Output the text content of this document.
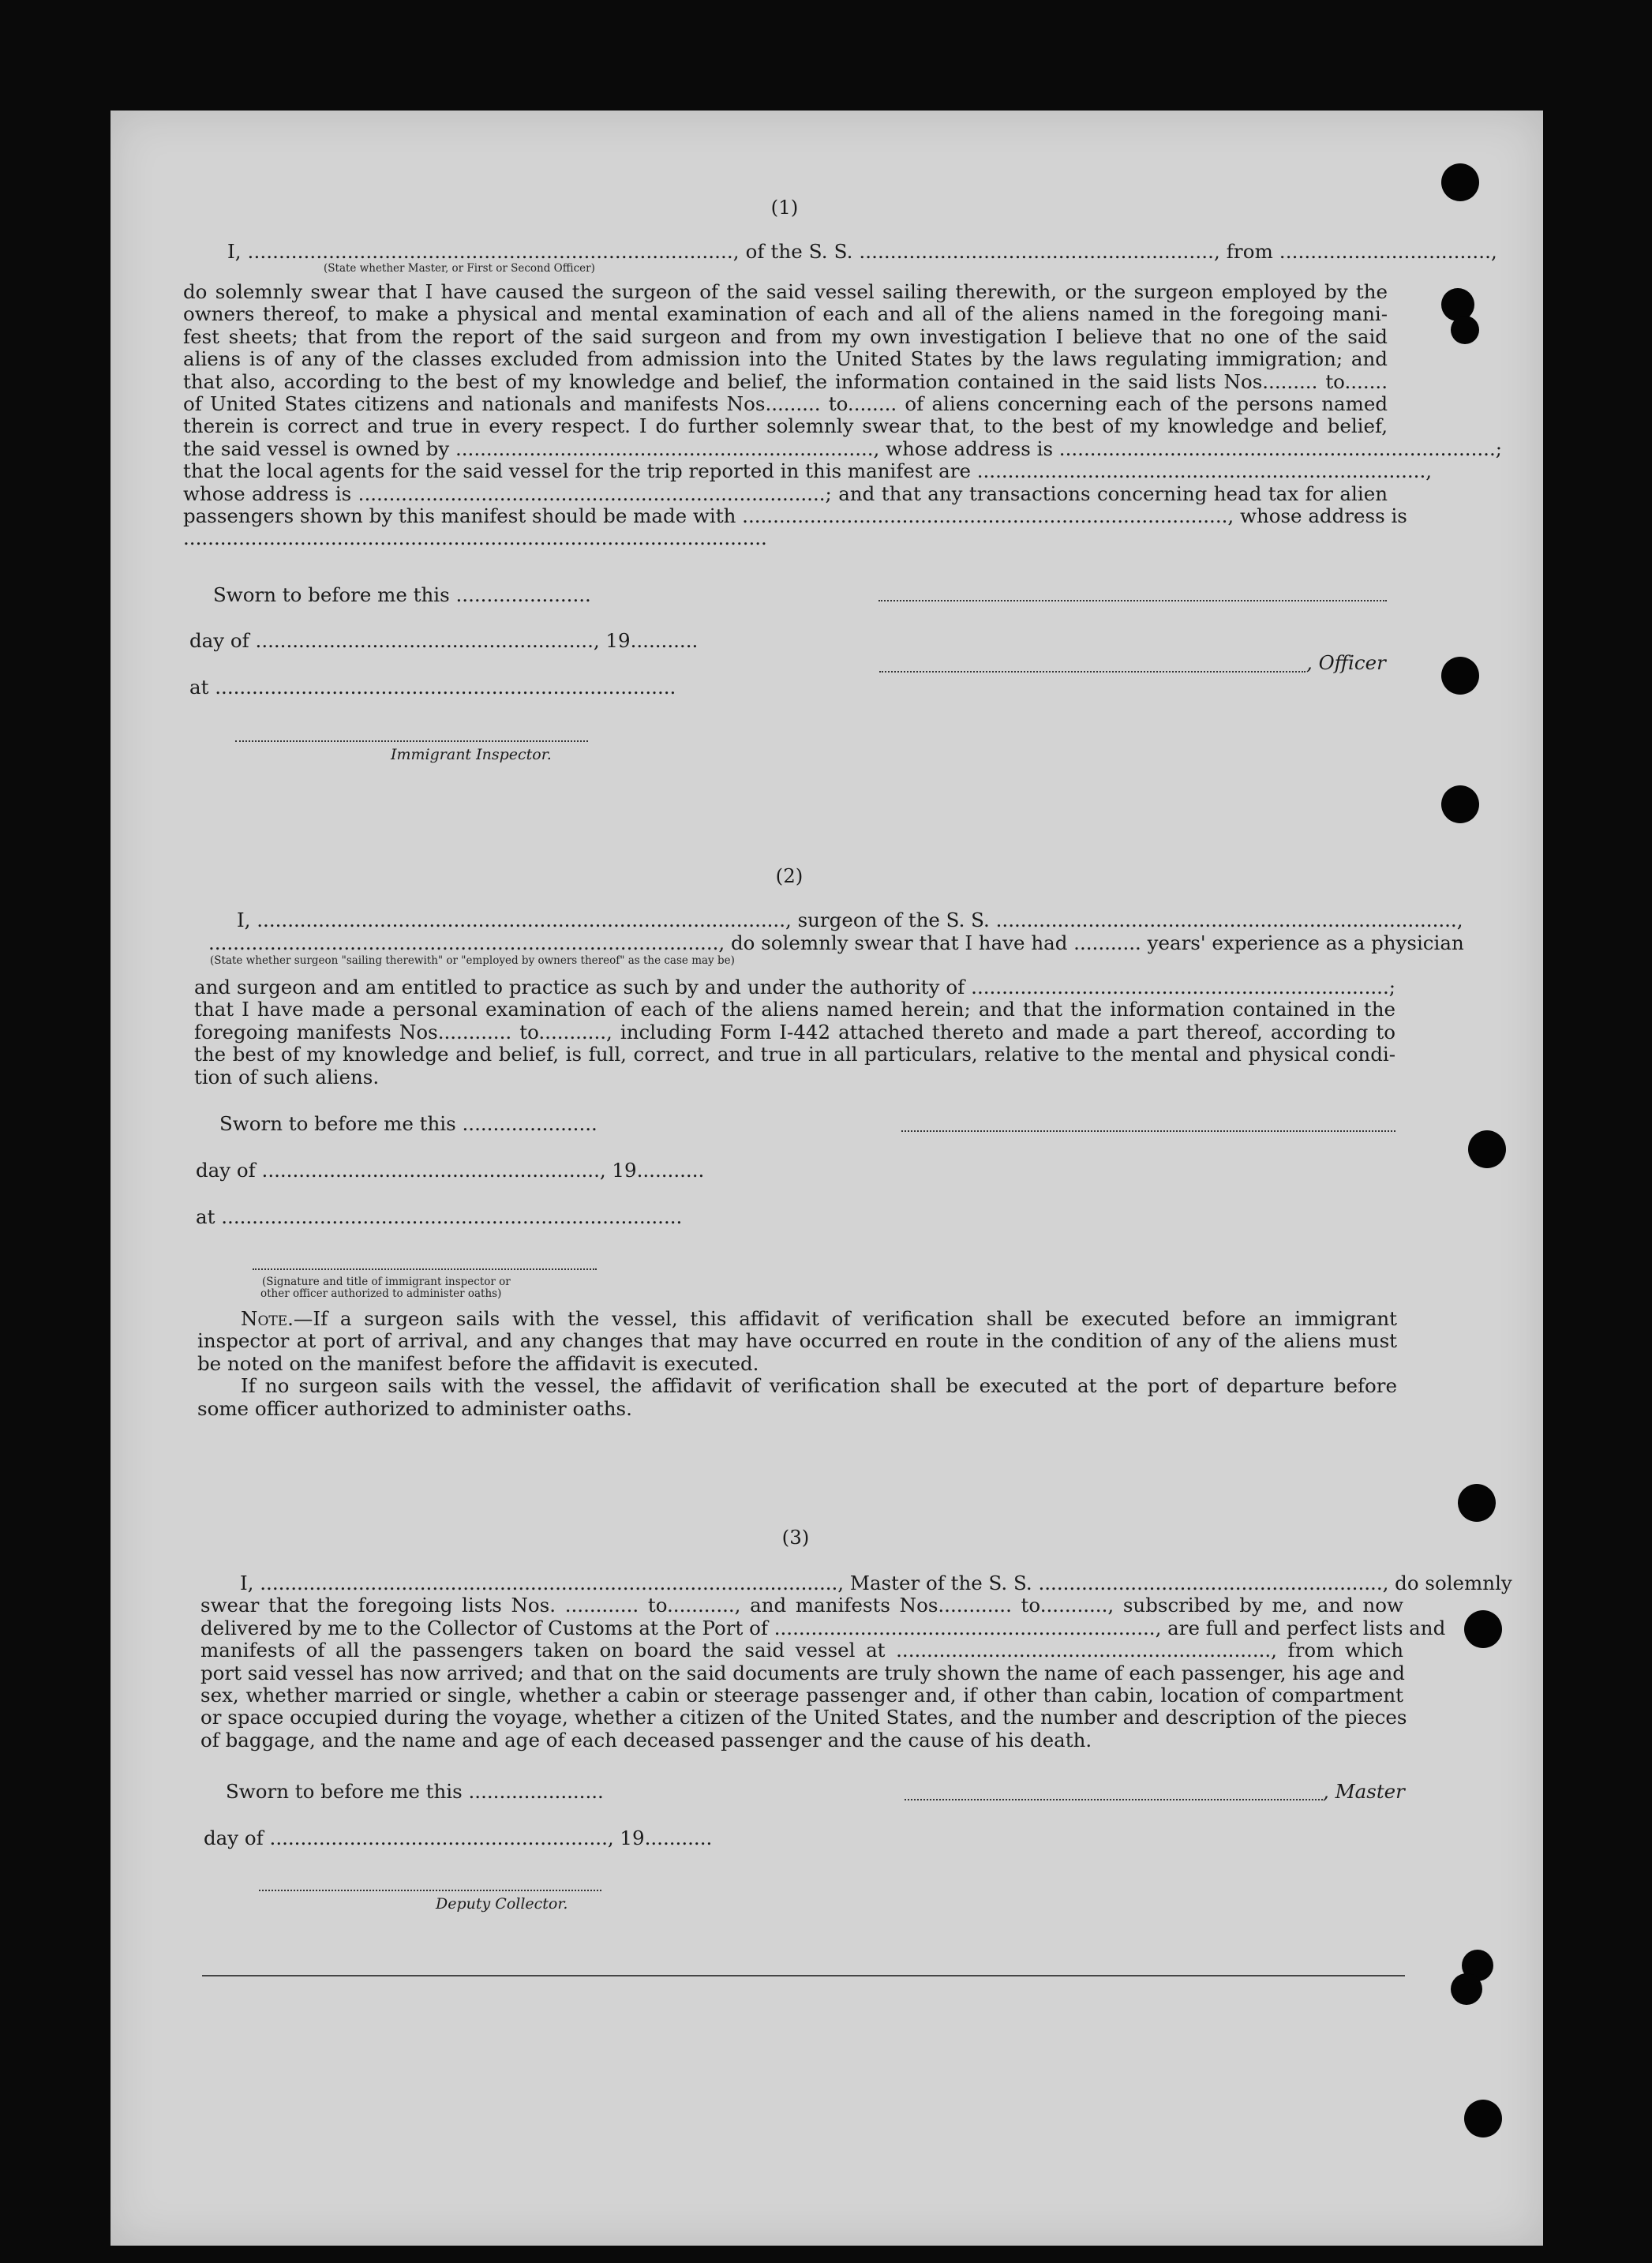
(1)
I, .............................................................................., of the S. S. ........................................................., from ..................................,
(State whether Master, or First or Second Officer)
do solemnly swear that I have caused the surgeon of the said vessel sailing therewith, or the surgeon employed by the
owners thereof, to make a physical and mental examination of each and all of the aliens named in the foregoing mani-
fest sheets; that from the report of the said surgeon and from my own investigation I believe that no one of the said
aliens is of any of the classes excluded from admission into the United States by the laws regulating immigration; and
that also, according to the best of my knowledge and belief, the information contained in the said lists Nos......... to.......
of United States citizens and nationals and manifests Nos......... to........ of aliens concerning each of the persons named
therein is correct and true in every respect. I do further solemnly swear that, to the best of my knowledge and belief,
the said vessel is owned by ...................................................................., whose address is .......................................................................;
that the local agents for the said vessel for the trip reported in this manifest are .........................................................................,
whose address is ............................................................................; and that any transactions concerning head tax for alien
passengers shown by this manifest should be made with ..............................................................................., whose address is
...............................................................................................
Sworn to before me this ......................
day of ......................................................., 19...........
, Officer
at ...........................................................................
Immigrant Inspector.
(2)
I, ......................................................................................, surgeon of the S. S. ...........................................................................,
..................................................................................., do solemnly swear that I have had ........... years' experience as a physician
(State whether surgeon "sailing therewith" or "employed by owners thereof" as the case may be)
and surgeon and am entitled to practice as such by and under the authority of ....................................................................;
that I have made a personal examination of each of the aliens named herein; and that the information contained in the
foregoing manifests Nos............ to..........., including Form I-442 attached thereto and made a part thereof, according to
the best of my knowledge and belief, is full, correct, and true in all particulars, relative to the mental and physical condi-
tion of such aliens.
Sworn to before me this ......................
day of ......................................................., 19...........
at ...........................................................................
(Signature and title of immigrant inspector or
other officer authorized to administer oaths)
Note.—If a surgeon sails with the vessel, this affidavit of verification shall be executed before an immigrant
inspector at port of arrival, and any changes that may have occurred en route in the condition of any of the aliens must
be noted on the manifest before the affidavit is executed.
If no surgeon sails with the vessel, the affidavit of verification shall be executed at the port of departure before
some officer authorized to administer oaths.
(3)
I, .............................................................................................., Master of the S. S. ........................................................, do solemnly
swear that the foregoing lists Nos. ............ to..........., and manifests Nos............ to..........., subscribed by me, and now
delivered by me to the Collector of Customs at the Port of .............................................................., are full and perfect lists and
manifests of all the passengers taken on board the said vessel at ............................................................., from which
port said vessel has now arrived; and that on the said documents are truly shown the name of each passenger, his age and
sex, whether married or single, whether a cabin or steerage passenger and, if other than cabin, location of compartment
or space occupied during the voyage, whether a citizen of the United States, and the number and description of the pieces
of baggage, and the name and age of each deceased passenger and the cause of his death.
Sworn to before me this ......................	, Master
day of ......................................................., 19...........
Deputy Collector.
